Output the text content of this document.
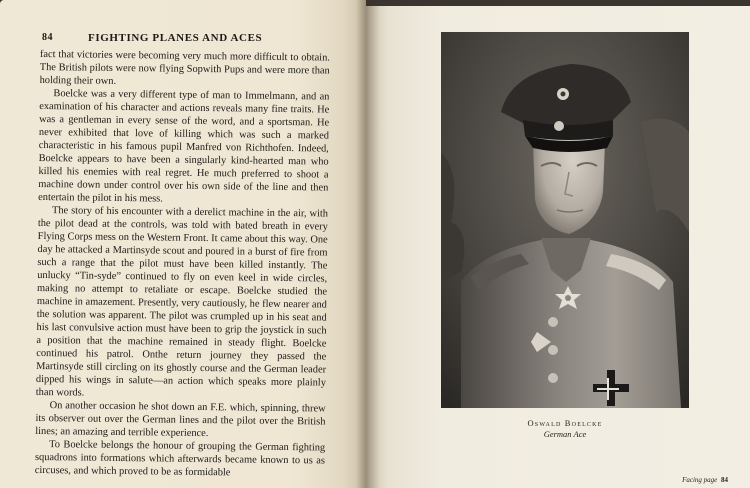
84	FIGHTING PLANES AND ACES

fact that victories were becoming very much more difficult to obtain. The British pilots were now flying Sopwith Pups and were more than holding their own.

Boelcke was a very different type of man to Immelmann, and an examination of his character and actions reveals many fine traits. He was a gentleman in every sense of the word, and a sportsman. He never exhibited that love of killing which was such a marked characteristic in his famous pupil Manfred von Richthofen. Indeed, Boelcke appears to have been a singularly kind-hearted man who killed his enemies with real regret. He much preferred to shoot a machine down under control over his own side of the line and then entertain the pilot in his mess.

The story of his encounter with a derelict machine in the air, with the pilot dead at the controls, was told with bated breath in every Flying Corps mess on the Western Front. It came about this way. One day he attacked a Martinsyde scout and poured in a burst of fire from such a range that the pilot must have been killed instantly. The unlucky “Tin-syde” continued to fly on even keel in wide circles, making no attempt to retaliate or escape. Boelcke studied the machine in amazement. Presently, very cautiously, he flew nearer and the solution was apparent. The pilot was crumpled up in his seat and his last convulsive action must have been to grip the joystick in such a position that the machine remained in steady flight. Boelcke continued his patrol. Onthe return journey they passed the Martinsyde still circling on its ghostly course and the German leader dipped his wings in salute—an action which speaks more plainly than words.

On another occasion he shot down an F.E. which, spinning, threw its observer out over the German lines and the pilot over the British lines; an amazing and terrible experience.

To Boelcke belongs the honour of grouping the German fighting squadrons into formations which afterwards became known to us as circuses, and which proved to be as formidable

Oswald Boelcke
German Ace
Facing page 84
